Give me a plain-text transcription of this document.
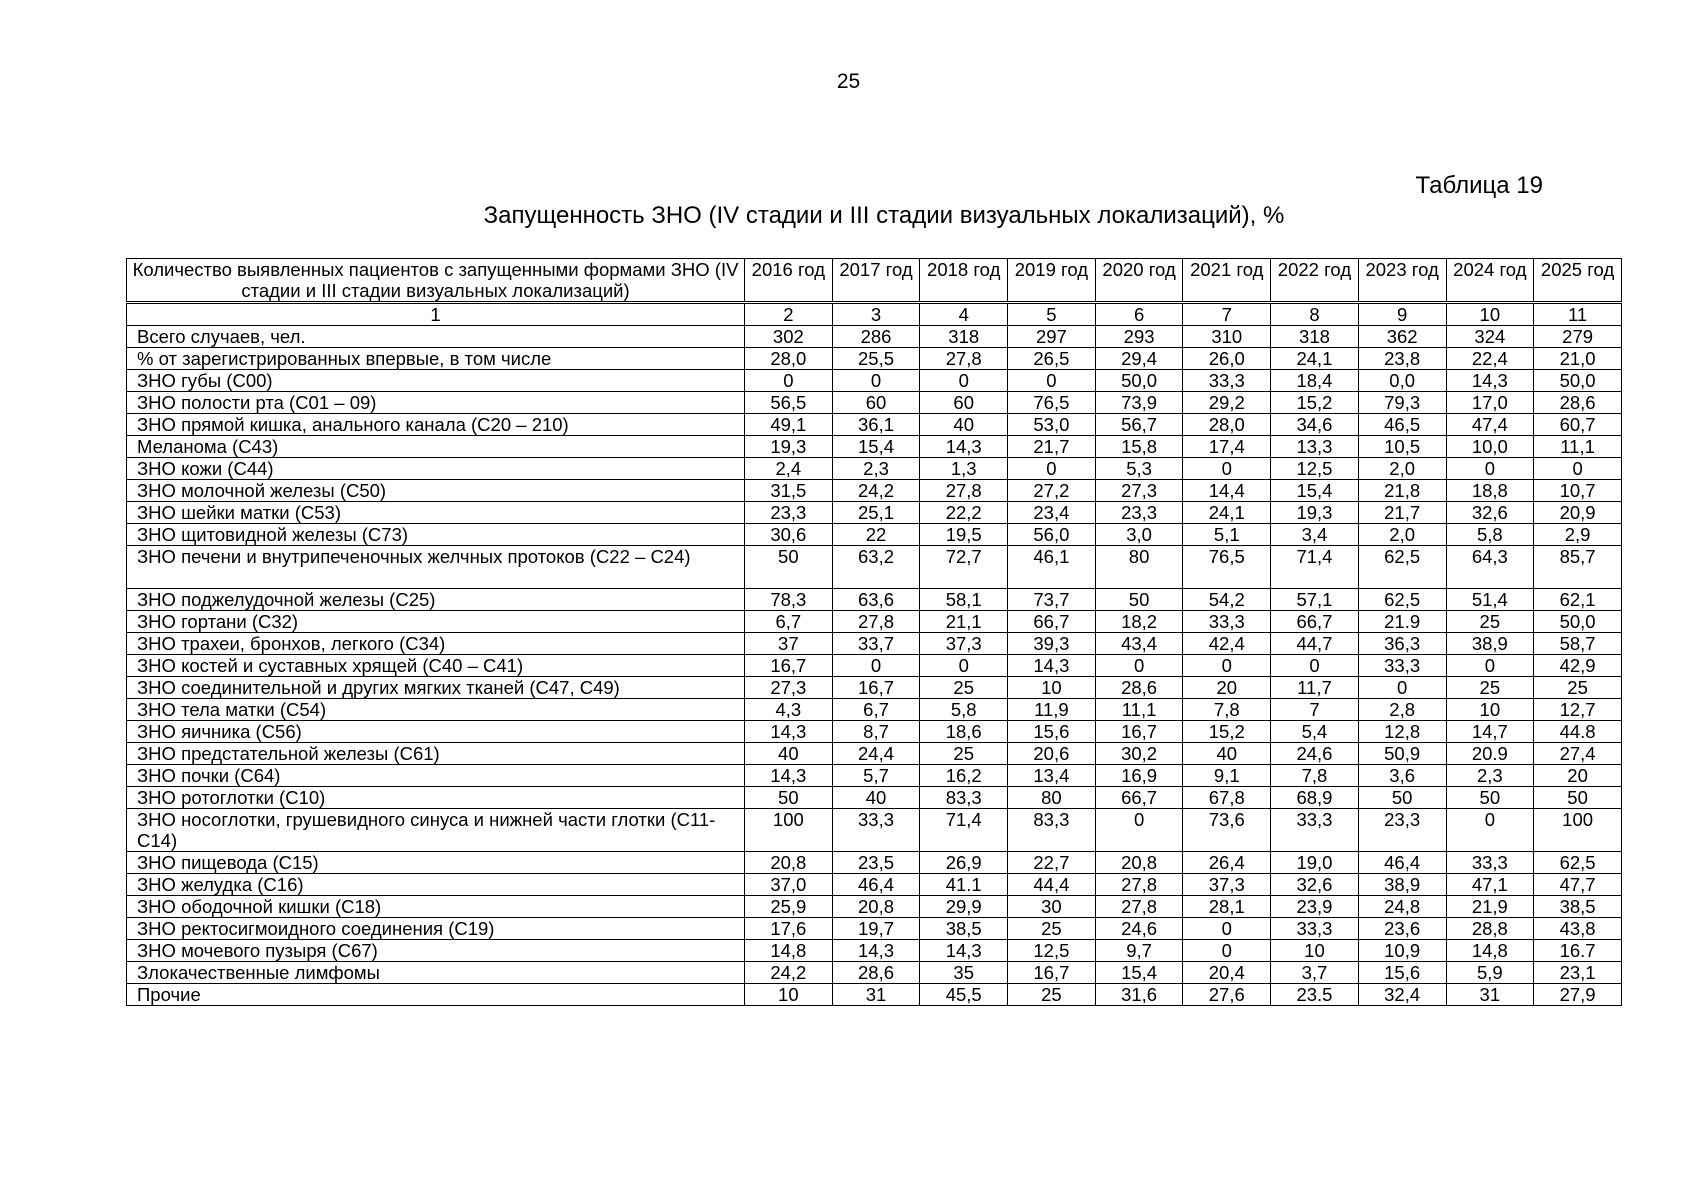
25
Таблица 19
Запущенность ЗНО (IV стадии и III стадии визуальных локализаций), %
Количество выявленных пациентов с запущенными формами ЗНО (IV стадии и III стадии визуальных локализаций)	2016 год	2017 год	2018 год	2019 год	2020 год	2021 год	2022 год	2023 год	2024 год	2025 год
1	2	3	4	5	6	7	8	9	10	11
Всего случаев, чел.	302	286	318	297	293	310	318	362	324	279
% от зарегистрированных впервые, в том числе	28,0	25,5	27,8	26,5	29,4	26,0	24,1	23,8	22,4	21,0
ЗНО губы (С00)	0	0	0	0	50,0	33,3	18,4	0,0	14,3	50,0
ЗНО полости рта (С01 – 09)	56,5	60	60	76,5	73,9	29,2	15,2	79,3	17,0	28,6
ЗНО прямой кишка, анального канала (С20 – 210)	49,1	36,1	40	53,0	56,7	28,0	34,6	46,5	47,4	60,7
Меланома (С43)	19,3	15,4	14,3	21,7	15,8	17,4	13,3	10,5	10,0	11,1
ЗНО кожи (С44)	2,4	2,3	1,3	0	5,3	0	12,5	2,0	0	0
ЗНО молочной железы (С50)	31,5	24,2	27,8	27,2	27,3	14,4	15,4	21,8	18,8	10,7
ЗНО шейки матки (С53)	23,3	25,1	22,2	23,4	23,3	24,1	19,3	21,7	32,6	20,9
ЗНО щитовидной железы (С73)	30,6	22	19,5	56,0	3,0	5,1	3,4	2,0	5,8	2,9
ЗНО печени и внутрипеченочных желчных протоков (С22 – С24)	50	63,2	72,7	46,1	80	76,5	71,4	62,5	64,3	85,7
ЗНО поджелудочной железы (С25)	78,3	63,6	58,1	73,7	50	54,2	57,1	62,5	51,4	62,1
ЗНО гортани (С32)	6,7	27,8	21,1	66,7	18,2	33,3	66,7	21.9	25	50,0
ЗНО трахеи, бронхов, легкого (С34)	37	33,7	37,3	39,3	43,4	42,4	44,7	36,3	38,9	58,7
ЗНО костей и суставных хрящей (С40 – С41)	16,7	0	0	14,3	0	0	0	33,3	0	42,9
ЗНО соединительной и других мягких тканей (С47, С49)	27,3	16,7	25	10	28,6	20	11,7	0	25	25
ЗНО тела матки (С54)	4,3	6,7	5,8	11,9	11,1	7,8	7	2,8	10	12,7
ЗНО яичника (С56)	14,3	8,7	18,6	15,6	16,7	15,2	5,4	12,8	14,7	44.8
ЗНО предстательной железы (С61)	40	24,4	25	20,6	30,2	40	24,6	50,9	20.9	27,4
ЗНО почки (С64)	14,3	5,7	16,2	13,4	16,9	9,1	7,8	3,6	2,3	20
ЗНО ротоглотки (С10)	50	40	83,3	80	66,7	67,8	68,9	50	50	50
ЗНО носоглотки, грушевидного синуса и нижней части глотки (С11-С14)	100	33,3	71,4	83,3	0	73,6	33,3	23,3	0	100
ЗНО пищевода (С15)	20,8	23,5	26,9	22,7	20,8	26,4	19,0	46,4	33,3	62,5
ЗНО желудка (С16)	37,0	46,4	41.1	44,4	27,8	37,3	32,6	38,9	47,1	47,7
ЗНО ободочной кишки (С18)	25,9	20,8	29,9	30	27,8	28,1	23,9	24,8	21,9	38,5
ЗНО ректосигмоидного соединения (С19)	17,6	19,7	38,5	25	24,6	0	33,3	23,6	28,8	43,8
ЗНО мочевого пузыря (С67)	14,8	14,3	14,3	12,5	9,7	0	10	10,9	14,8	16.7
Злокачественные лимфомы	24,2	28,6	35	16,7	15,4	20,4	3,7	15,6	5,9	23,1
Прочие	10	31	45,5	25	31,6	27,6	23.5	32,4	31	27,9
